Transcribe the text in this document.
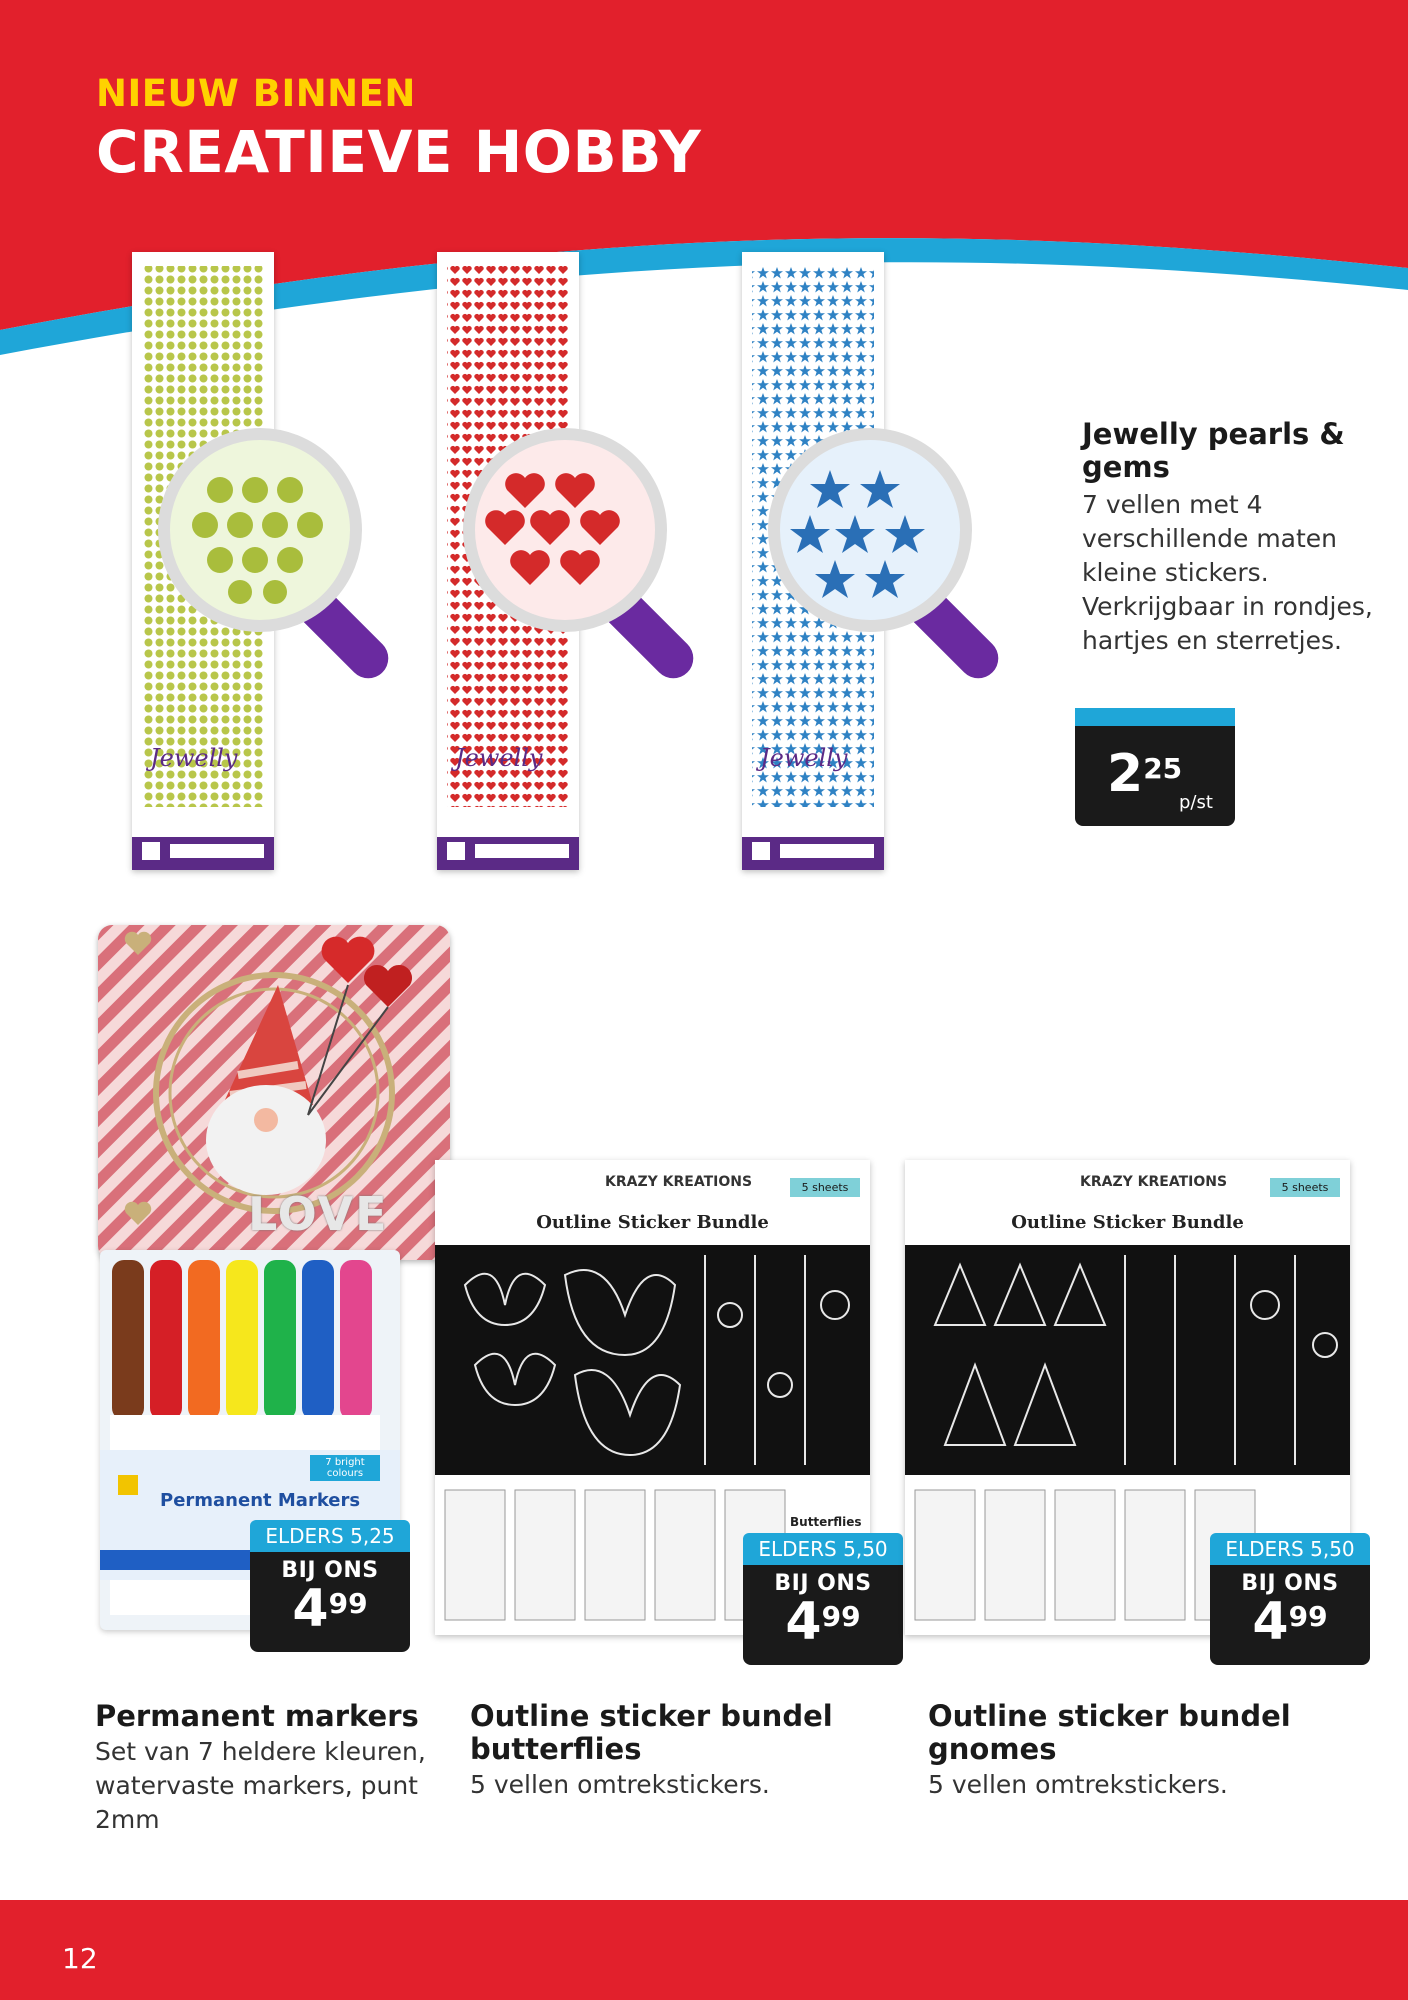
NIEUW BINNEN
CREATIEVE HOBBY
Jewelly	Jewelly	Jewelly
Jewelly pearls & gems
7 vellen met 4 verschillende maten kleine stickers. Verkrijgbaar in rondjes, hartjes en sterretjes.
225
p/st
LOVE
Permanent Markers
7 bright colours
ELDERS 5,25
BIJ ONS
499
KRAZY KREATIONS	5 sheets
Outline Sticker Bundle
Butterflies
ELDERS 5,50
BIJ ONS
499
KRAZY KREATIONS	5 sheets
Outline Sticker Bundle
ELDERS 5,50
BIJ ONS
499
Permanent markers
Set van 7 heldere kleuren, watervaste markers, punt 2mm
Outline sticker bundel butterflies
5 vellen omtrekstickers.
Outline sticker bundel gnomes
5 vellen omtrekstickers.
12
